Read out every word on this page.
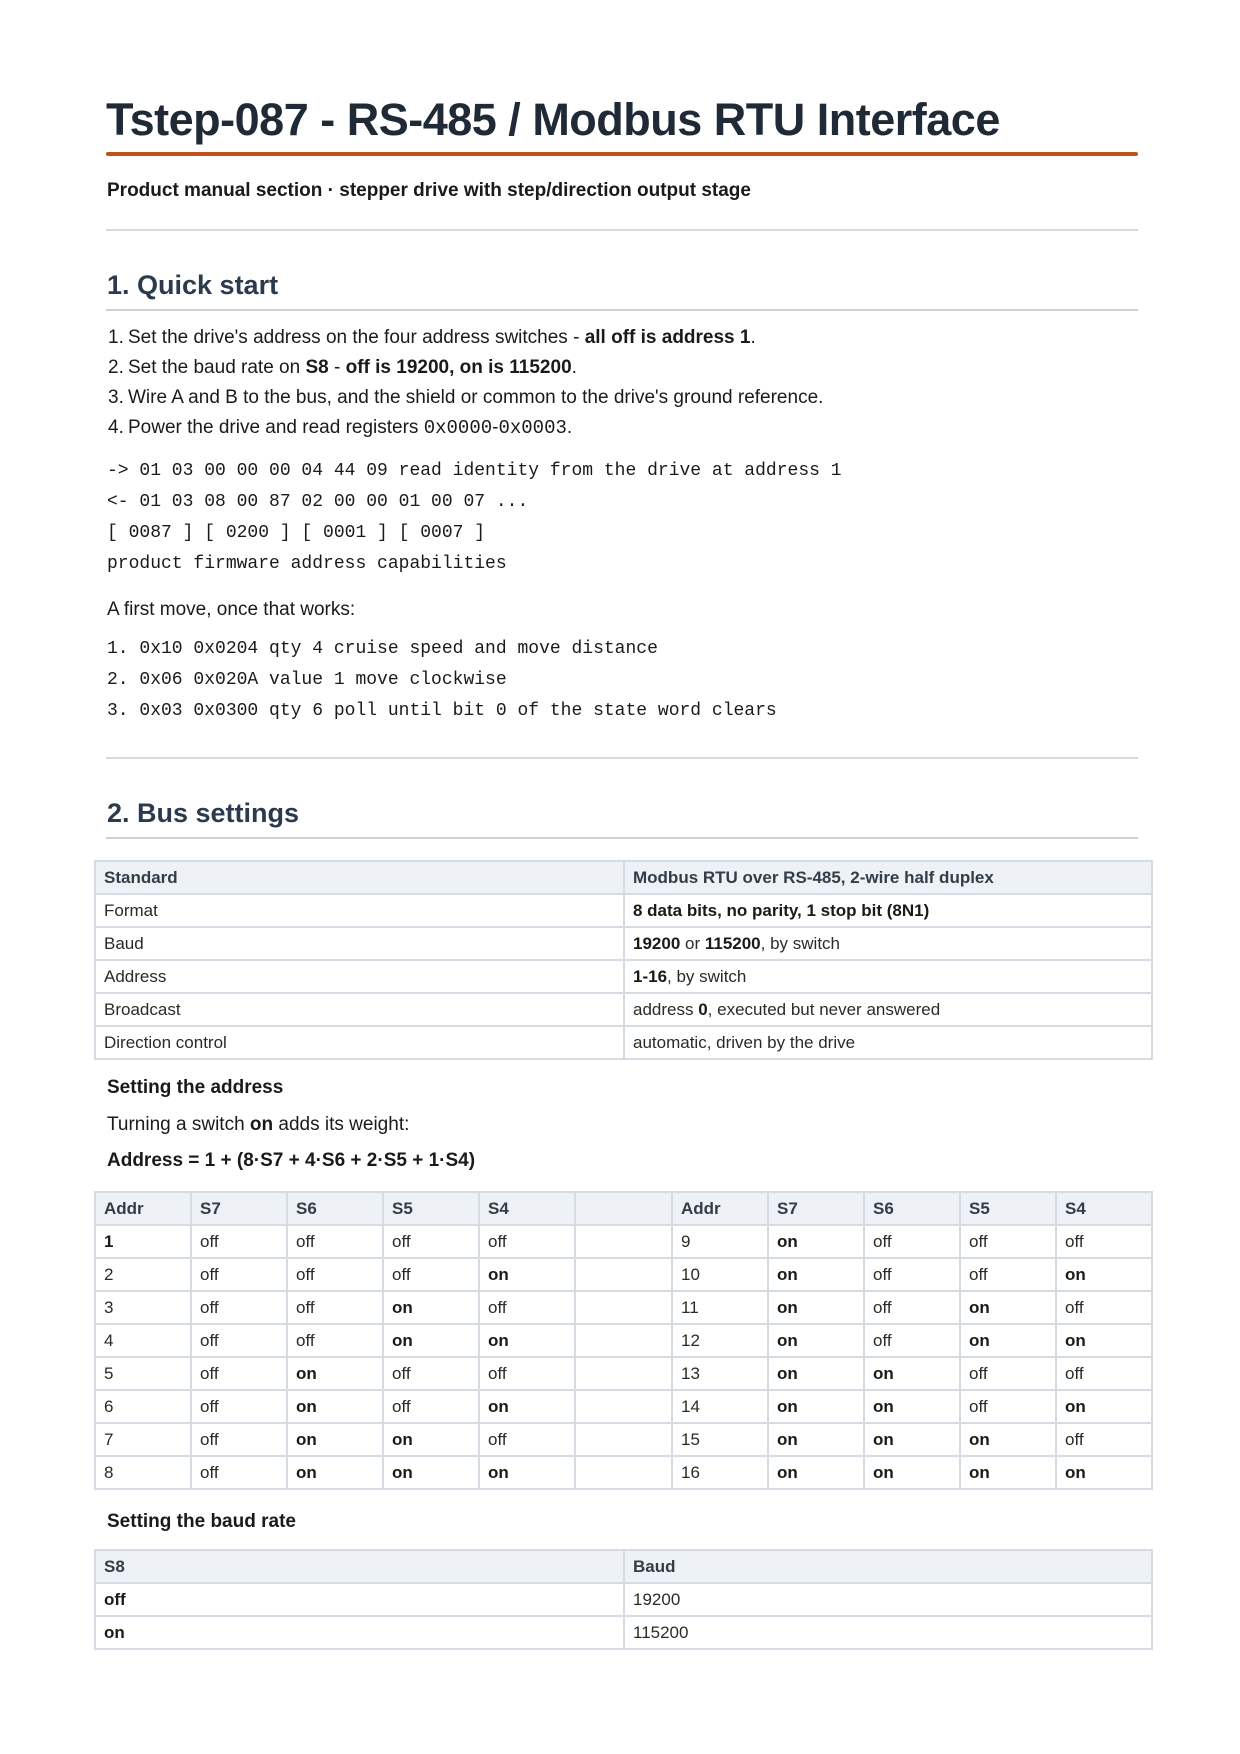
Tstep-087 - RS-485 / Modbus RTU Interface
Product manual section · stepper drive with step/direction output stage
1. Quick start
1. Set the drive's address on the four address switches - all off is address 1.
2. Set the baud rate on S8 - off is 19200, on is 115200.
3. Wire A and B to the bus, and the shield or common to the drive's ground reference.
4. Power the drive and read registers 0x0000-0x0003.
-> 01 03 00 00 00 04 44 09 read identity from the drive at address 1
<- 01 03 08 00 87 02 00 00 01 00 07 ...
[ 0087 ] [ 0200 ] [ 0001 ] [ 0007 ]
product firmware address capabilities
A first move, once that works:
1. 0x10 0x0204 qty 4 cruise speed and move distance
2. 0x06 0x020A value 1 move clockwise
3. 0x03 0x0300 qty 6 poll until bit 0 of the state word clears
2. Bus settings
Standard	Modbus RTU over RS-485, 2-wire half duplex
Format	8 data bits, no parity, 1 stop bit (8N1)
Baud	19200 or 115200, by switch
Address	1-16, by switch
Broadcast	address 0, executed but never answered
Direction control	automatic, driven by the drive
Setting the address
Turning a switch on adds its weight:
Address = 1 + (8·S7 + 4·S6 + 2·S5 + 1·S4)
Addr	S7	S6	S5	S4		Addr	S7	S6	S5	S4
1	off	off	off	off		9	on	off	off	off
2	off	off	off	on		10	on	off	off	on
3	off	off	on	off		11	on	off	on	off
4	off	off	on	on		12	on	off	on	on
5	off	on	off	off		13	on	on	off	off
6	off	on	off	on		14	on	on	off	on
7	off	on	on	off		15	on	on	on	off
8	off	on	on	on		16	on	on	on	on
Setting the baud rate
S8	Baud
off	19200
on	115200
